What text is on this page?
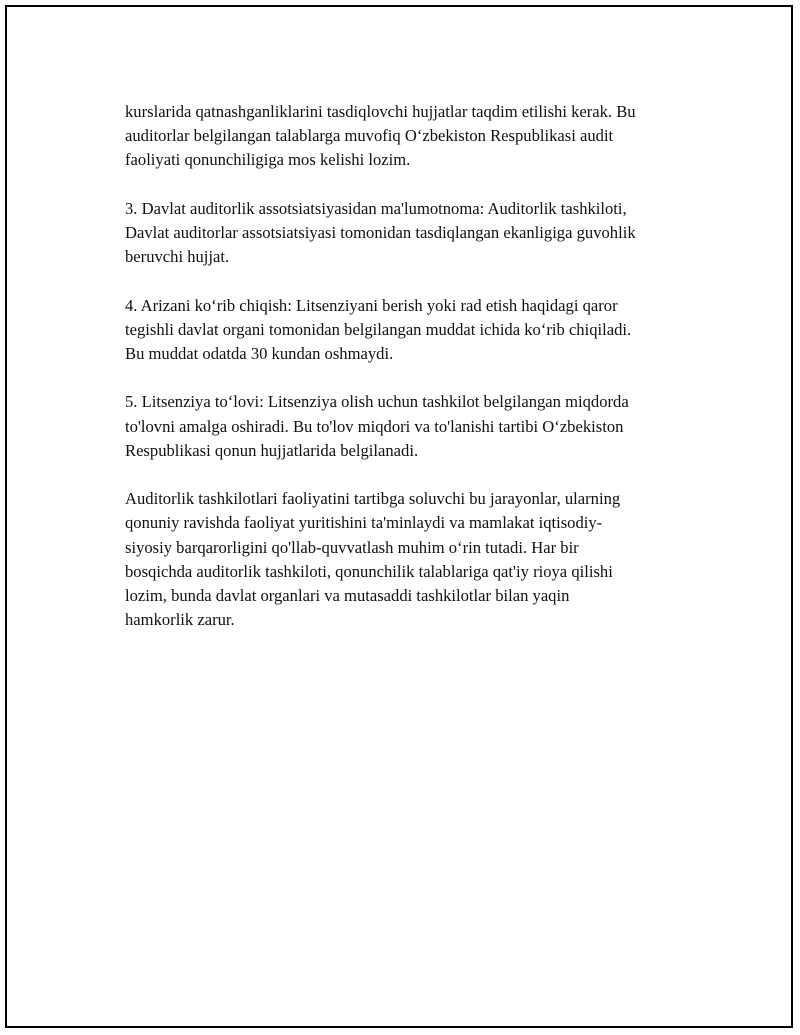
kurslarida qatnashganliklarini tasdiqlovchi hujjatlar taqdim etilishi kerak. Bu
auditorlar belgilangan talablarga muvofiq O‘zbekiston Respublikasi audit
faoliyati qonunchiligiga mos kelishi lozim.

3. Davlat auditorlik assotsiatsiyasidan ma'lumotnoma: Auditorlik tashkiloti,
Davlat auditorlar assotsiatsiyasi tomonidan tasdiqlangan ekanligiga guvohlik
beruvchi hujjat.

4. Arizani ko‘rib chiqish: Litsenziyani berish yoki rad etish haqidagi qaror
tegishli davlat organi tomonidan belgilangan muddat ichida ko‘rib chiqiladi.
Bu muddat odatda 30 kundan oshmaydi.

5. Litsenziya to‘lovi: Litsenziya olish uchun tashkilot belgilangan miqdorda
to'lovni amalga oshiradi. Bu to'lov miqdori va to'lanishi tartibi O‘zbekiston
Respublikasi qonun hujjatlarida belgilanadi.

Auditorlik tashkilotlari faoliyatini tartibga soluvchi bu jarayonlar, ularning
qonuniy ravishda faoliyat yuritishini ta'minlaydi va mamlakat iqtisodiy-
siyosiy barqarorligini qo'llab-quvvatlash muhim o‘rin tutadi. Har bir
bosqichda auditorlik tashkiloti, qonunchilik talablariga qat'iy rioya qilishi
lozim, bunda davlat organlari va mutasaddi tashkilotlar bilan yaqin
hamkorlik zarur.
